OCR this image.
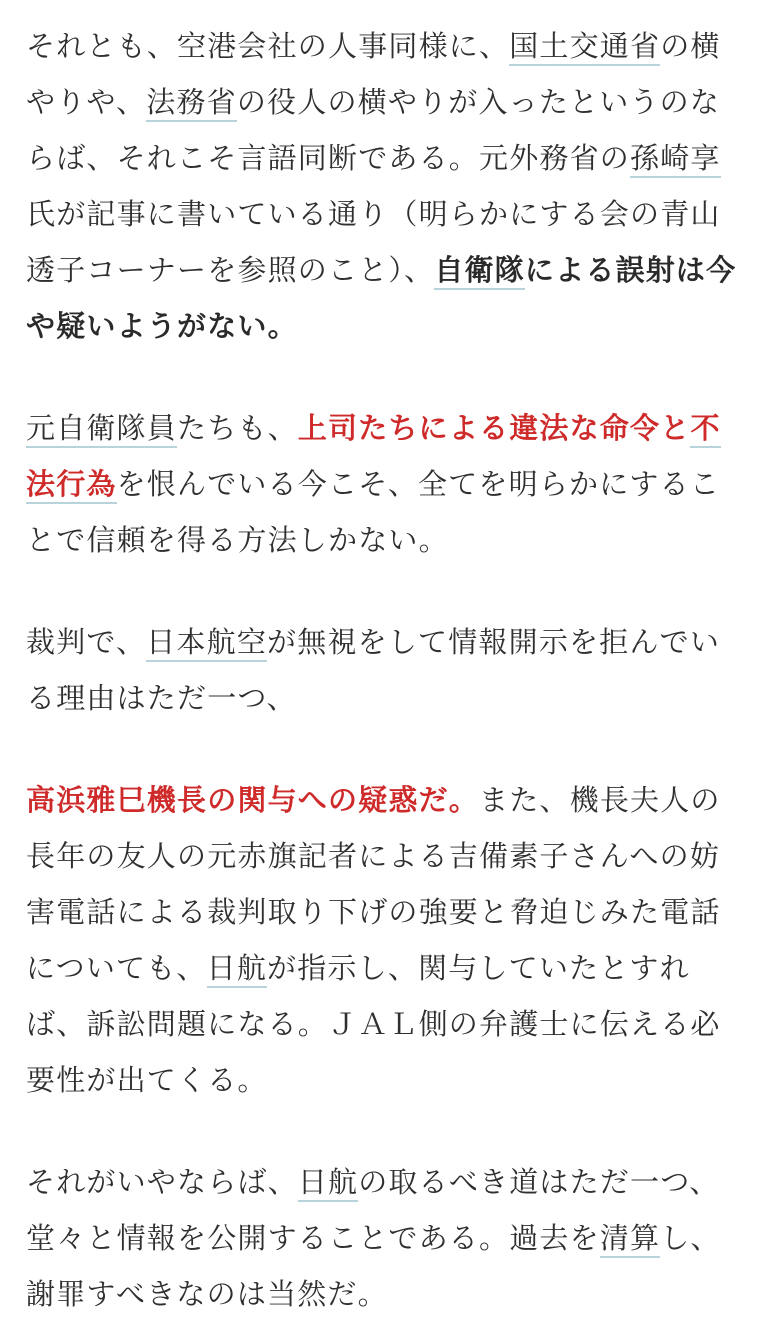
それとも、空港会社の人事同様に、国土交通省の横やりや、法務省の役人の横やりが入ったというのならば、それこそ言語同断である。元外務省の孫崎享氏が記事に書いている通り（明らかにする会の青山透子コーナーを参照のこと）、自衛隊による誤射は今や疑いようがない。

元自衛隊員たちも、上司たちによる違法な命令と不法行為を恨んでいる今こそ、全てを明らかにすることで信頼を得る方法しかない。

裁判で、日本航空が無視をして情報開示を拒んでいる理由はただ一つ、

高浜雅巳機長の関与への疑惑だ。また、機長夫人の長年の友人の元赤旗記者による吉備素子さんへの妨害電話による裁判取り下げの強要と脅迫じみた電話についても、日航が指示し、関与していたとすれば、訴訟問題になる。ＪＡＬ側の弁護士に伝える必要性が出てくる。

それがいやならば、日航の取るべき道はただ一つ、堂々と情報を公開することである。過去を清算し、謝罪すべきなのは当然だ。
